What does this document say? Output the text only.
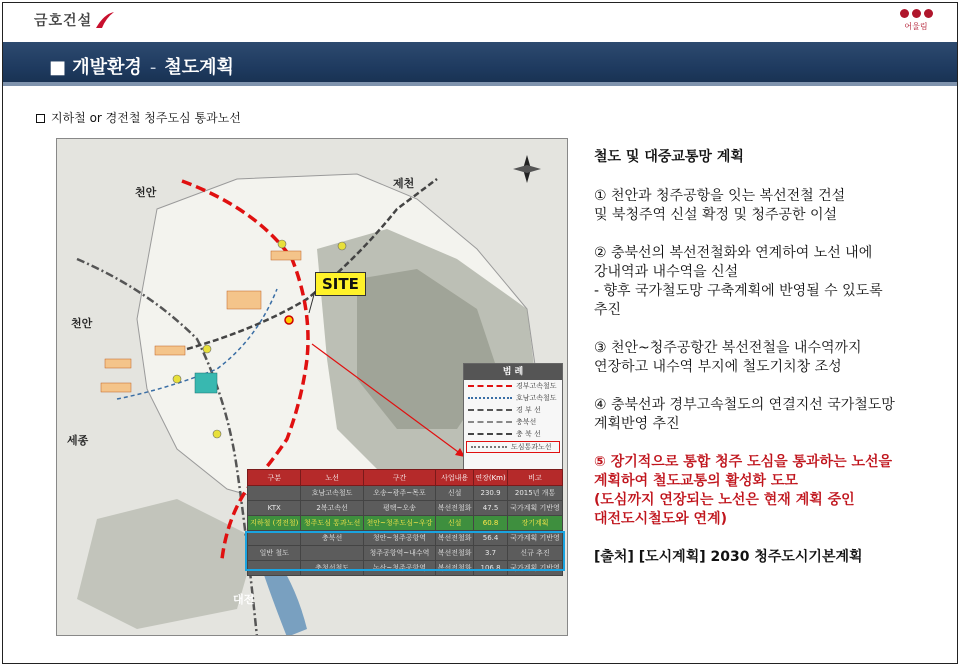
금호건설	어울림
■ 개발환경 - 철도계획
지하철 or 경전철 청주도심 통과노선
천안
제천
천안
세종
대전
SITE
범 례
경부고속철도
호남고속철도
경 부 선
충북선
충 북 선
도심통과노선
구분	노선	구간	사업내용	연장(Km)	비고
	호남고속철도	오송~광주~목포	신설	230.9	2015년 개통
KTX	2복고속선	평택~오송	복선전철화	47.5	국가계획 기반영
지하철 (경전철)	청주도심 통과노선	천안~청주도심~우강	신설	60.8	장기계획
	충북선	청안~청주공항역	복선전철화	56.4	국가계획 기반영
일반 철도		청주공항역~내수역	복선전철화	3.7	신규 추진
	충청선철도	논산~청주공항역	복선전철화	106.8	국가계획 기반영
철도 및 대중교통망 계획
① 천안과 청주공항을 잇는 복선전철 건설
및 북청주역 신설 확정 및 청주공한 이설
② 충북선의 복선전철화와 연계하여 노선 내에
강내역과 내수역을 신설
- 향후 국가철도망 구축계획에 반영될 수 있도록
추진
③ 천안~청주공항간 복선전철을 내수역까지
연장하고 내수역 부지에 철도기치창 조성
④ 충북선과 경부고속철도의 연결지선 국가철도망
계획반영 추진
⑤ 장기적으로 통합 청주 도심을 통과하는 노선을
계획하여 철도교통의 활성화 도모
(도심까지 연장되는 노선은 현재 계획 중인
대전도시철도와 연계)
[출처] [도시계획] 2030 청주도시기본계획
